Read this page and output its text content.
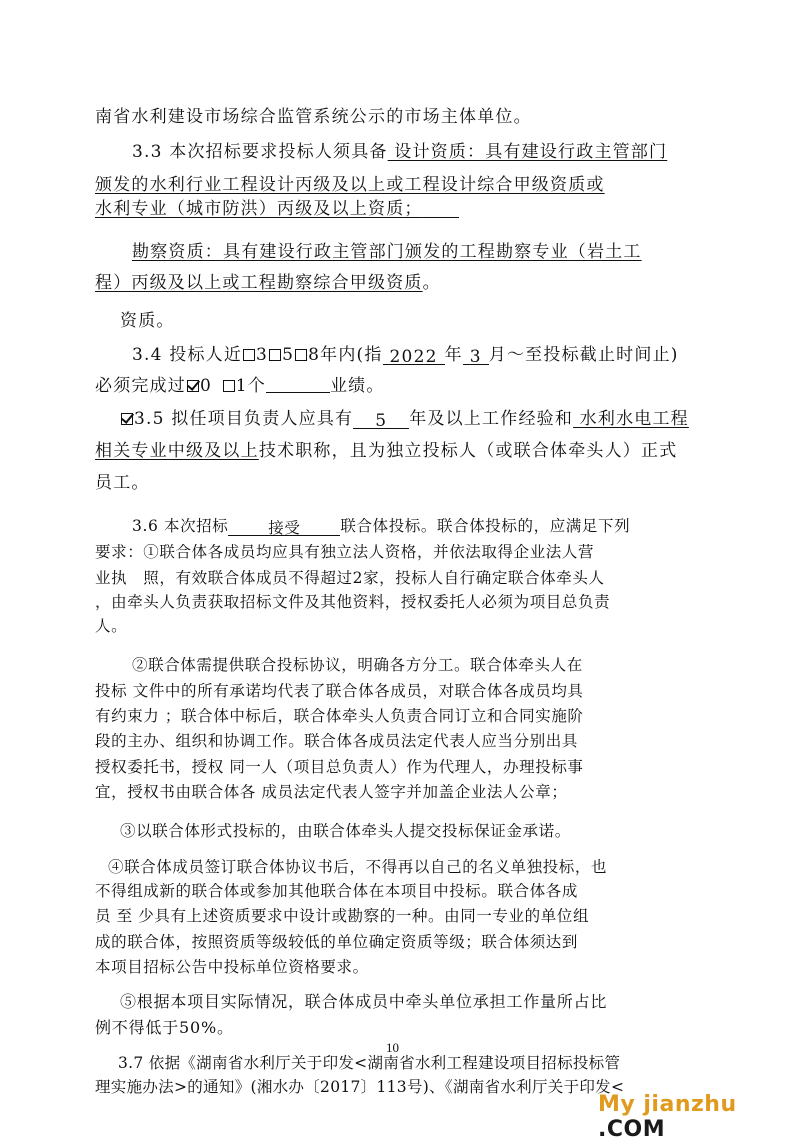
南省水利建设市场综合监管系统公示的市场主体单位。
3.3 本次招标要求投标人须具备 设计资质：具有建设行政主管部门
颁发的水利行业工程设计丙级及以上或工程设计综合甲级资质或
水利专业（城市防洪）丙级及以上资质；  
勘察资质：具有建设行政主管部门颁发的工程勘察专业（岩土工
程）丙级及以上或工程勘察综合甲级资质。
资质。
3.4 投标人近 3 5 8年内(指 2022 年 3 月～至投标截止时间止)
必须完成过 0  1个	业绩。
3.5 拟任项目负责人应具有 5 年及以上工作经验和 水利水电工程
相关专业中级及以上技术职称，且为独立投标人（或联合体牵头人）正式
员工。
3.6 本次招标	接受	联合体投标。联合体投标的，应满足下列
要求：①联合体各成员均应具有独立法人资格，并依法取得企业法人营
业执　照，有效联合体成员不得超过2家，投标人自行确定联合体牵头人
，由牵头人负责获取招标文件及其他资料，授权委托人必须为项目总负责
人。
②联合体需提供联合投标协议，明确各方分工。联合体牵头人在
投标 文件中的所有承诺均代表了联合体各成员，对联合体各成员均具
有约束力 ；联合体中标后，联合体牵头人负责合同订立和合同实施阶
段的主办、组织和协调工作。联合体各成员法定代表人应当分别出具
授权委托书，授权 同一人（项目总负责人）作为代理人，办理投标事
宜，授权书由联合体各 成员法定代表人签字并加盖企业法人公章；
③以联合体形式投标的，由联合体牵头人提交投标保证金承诺。
④联合体成员签订联合体协议书后，不得再以自己的名义单独投标，也
不得组成新的联合体或参加其他联合体在本项目中投标。联合体各成
员 至 少具有上述资质要求中设计或勘察的一种。由同一专业的单位组
成的联合体，按照资质等级较低的单位确定资质等级；联合体须达到
本项目招标公告中投标单位资格要求。
⑤根据本项目实际情况，联合体成员中牵头单位承担工作量所占比
例不得低于50%。
3.7 依据《湖南省水利厅关于印发<湖南省水利工程建设项目招标投标管
理实施办法>的通知》(湘水办〔2017〕113号)、《湖南省水利厅关于印发<
10
My jianzhu .COM
